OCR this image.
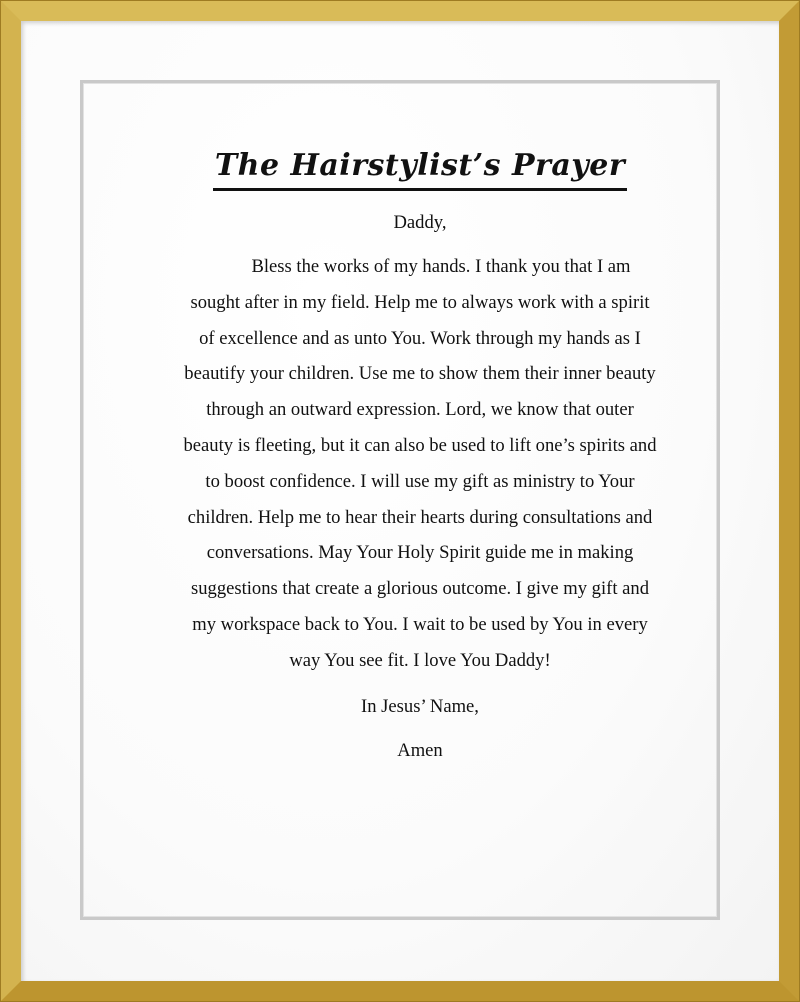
The Hairstylist’s Prayer
Daddy,
Bless the works of my hands. I thank you that I am sought after in my field. Help me to always work with a spirit of excellence and as unto You. Work through my hands as I beautify your children. Use me to show them their inner beauty through an outward expression. Lord, we know that outer beauty is fleeting, but it can also be used to lift one’s spirits and to boost confidence. I will use my gift as ministry to Your children. Help me to hear their hearts during consultations and conversations. May Your Holy Spirit guide me in making suggestions that create a glorious outcome. I give my gift and my workspace back to You. I wait to be used by You in every way You see fit. I love You Daddy!
In Jesus’ Name,
Amen
